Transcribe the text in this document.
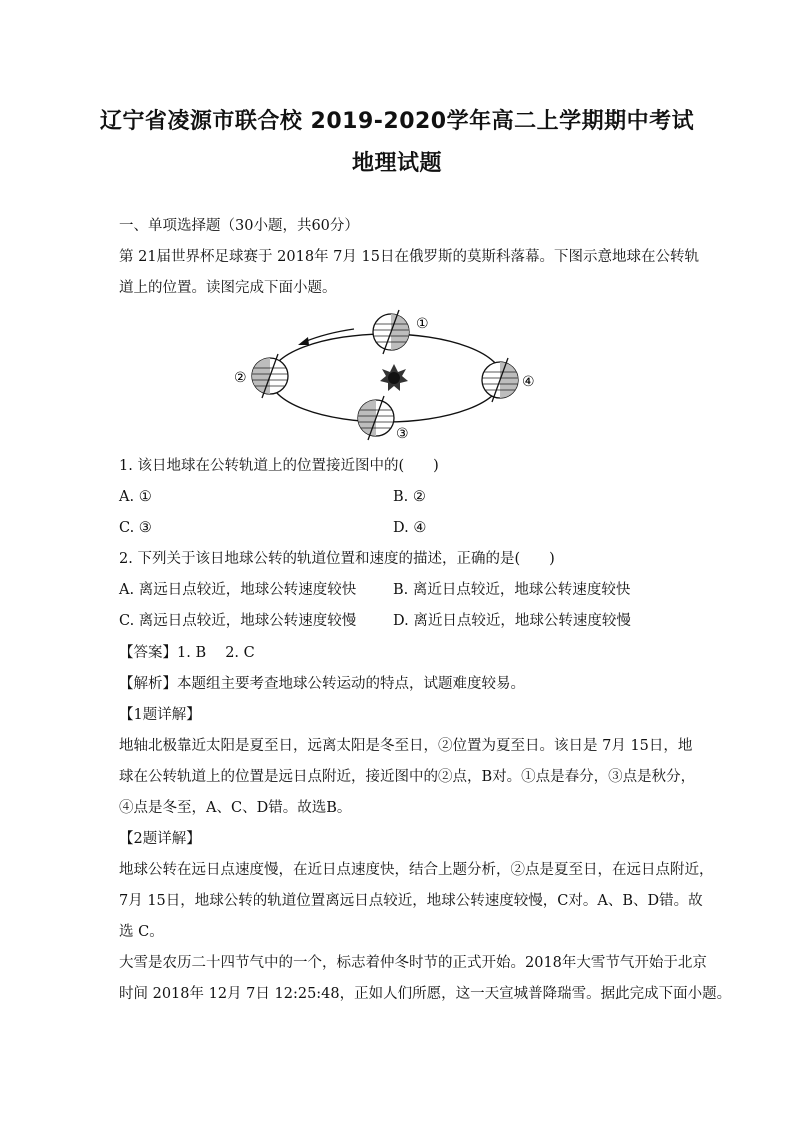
辽宁省凌源市联合校 2019-2020学年高二上学期期中考试
地理试题
一、单项选择题（30小题，共60分）
第 21届世界杯足球赛于 2018年 7月 15日在俄罗斯的莫斯科落幕。下图示意地球在公转轨
道上的位置。读图完成下面小题。
①
②
③
④
1. 该日地球在公转轨道上的位置接近图中的(　　)
A. ①	B. ②
C. ③	D. ④
2. 下列关于该日地球公转的轨道位置和速度的描述，正确的是(　　)
A. 离远日点较近，地球公转速度较快	B. 离近日点较近，地球公转速度较快
C. 离远日点较近，地球公转速度较慢	D. 离近日点较近，地球公转速度较慢
【答案】1. B　 2. C
【解析】本题组主要考查地球公转运动的特点，试题难度较易。
【1题详解】
地轴北极靠近太阳是夏至日，远离太阳是冬至日，②位置为夏至日。该日是 7月 15日，地
球在公转轨道上的位置是远日点附近，接近图中的②点，B对。①点是春分，③点是秋分，
④点是冬至，A、C、D错。故选B。
【2题详解】
地球公转在远日点速度慢，在近日点速度快，结合上题分析，②点是夏至日，在远日点附近，
7月 15日，地球公转的轨道位置离远日点较近，地球公转速度较慢，C对。A、B、D错。故
选 C。
大雪是农历二十四节气中的一个，标志着仲冬时节的正式开始。2018年大雪节气开始于北京
时间 2018年 12月 7日 12:25:48，正如人们所愿，这一天宣城普降瑞雪。据此完成下面小题。
